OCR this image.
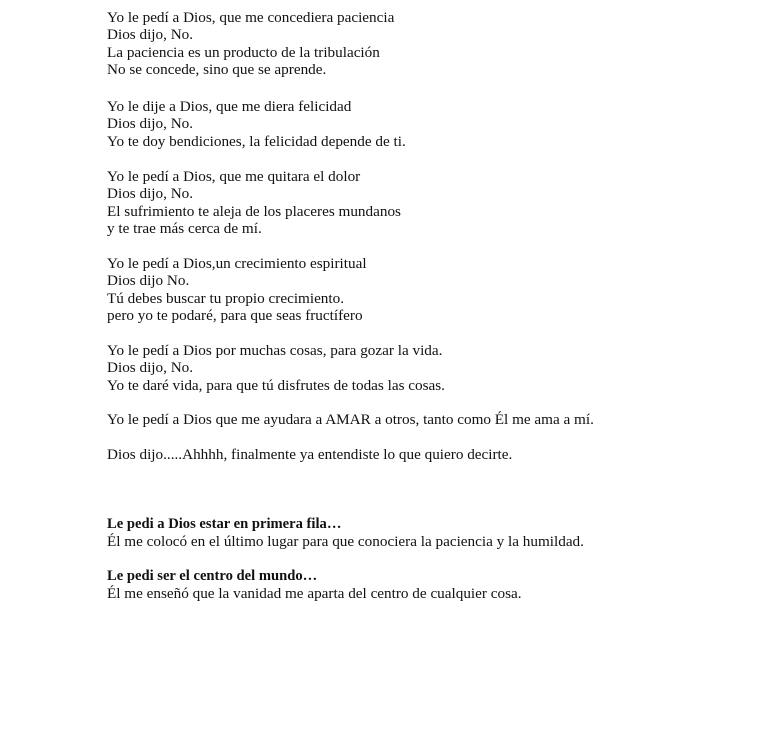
Yo le pedí a Dios, que me concediera paciencia
Dios dijo, No.
La paciencia es un producto de la tribulación
No se concede, sino que se aprende.
Yo le dije a Dios, que me diera felicidad
Dios dijo, No.
Yo te doy bendiciones, la felicidad depende de ti.
Yo le pedí a Dios, que me quitara el dolor
Dios dijo, No.
El sufrimiento te aleja de los placeres mundanos
y te trae más cerca de mí.
Yo le pedí a Dios,un crecimiento espiritual
Dios dijo No.
Tú debes buscar tu propio crecimiento.
pero yo te podaré, para que seas fructífero
Yo le pedí a Dios por muchas cosas, para gozar la vida.
Dios dijo, No.
Yo te daré vida, para que tú disfrutes de todas las cosas.
Yo le pedí a Dios que me ayudara a AMAR a otros, tanto como Él me ama a mí.
Dios dijo.....Ahhhh, finalmente ya entendiste lo que quiero decirte.
Le pedi a Dios estar en primera fila…
Él me colocó en el último lugar para que conociera la paciencia y la humildad.
Le pedi ser el centro del mundo…
Él me enseñó que la vanidad me aparta del centro de cualquier cosa.
